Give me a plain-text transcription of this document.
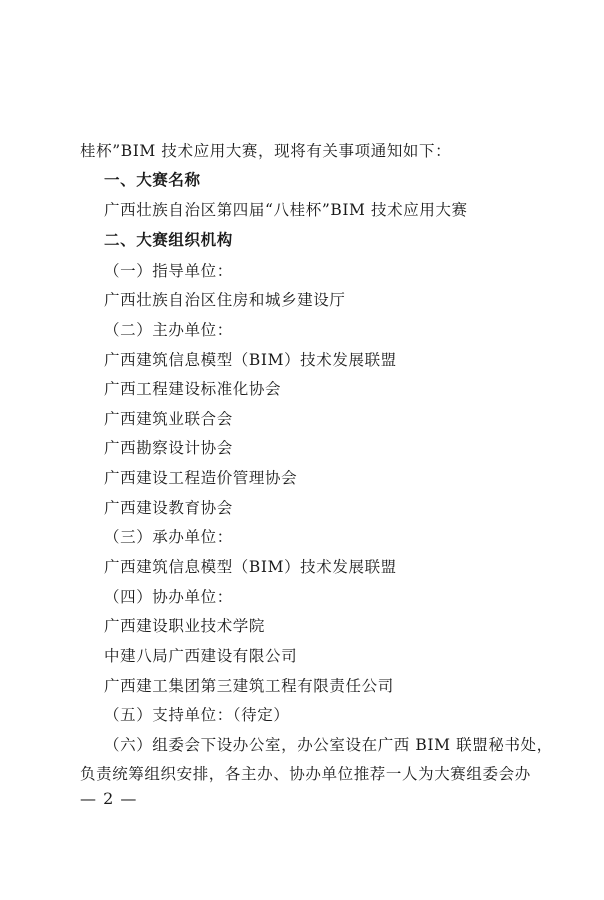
桂杯”BIM 技术应用大赛，现将有关事项通知如下：
一、大赛名称
广西壮族自治区第四届“八桂杯”BIM 技术应用大赛
二、大赛组织机构
（一）指导单位：
广西壮族自治区住房和城乡建设厅
（二）主办单位：
广西建筑信息模型（BIM）技术发展联盟
广西工程建设标准化协会
广西建筑业联合会
广西勘察设计协会
广西建设工程造价管理协会
广西建设教育协会
（三）承办单位：
广西建筑信息模型（BIM）技术发展联盟
（四）协办单位：
广西建设职业技术学院
中建八局广西建设有限公司
广西建工集团第三建筑工程有限责任公司
（五）支持单位：（待定）
（六）组委会下设办公室，办公室设在广西 BIM 联盟秘书处，
负责统筹组织安排，各主办、协办单位推荐一人为大赛组委会办
— 2 —
